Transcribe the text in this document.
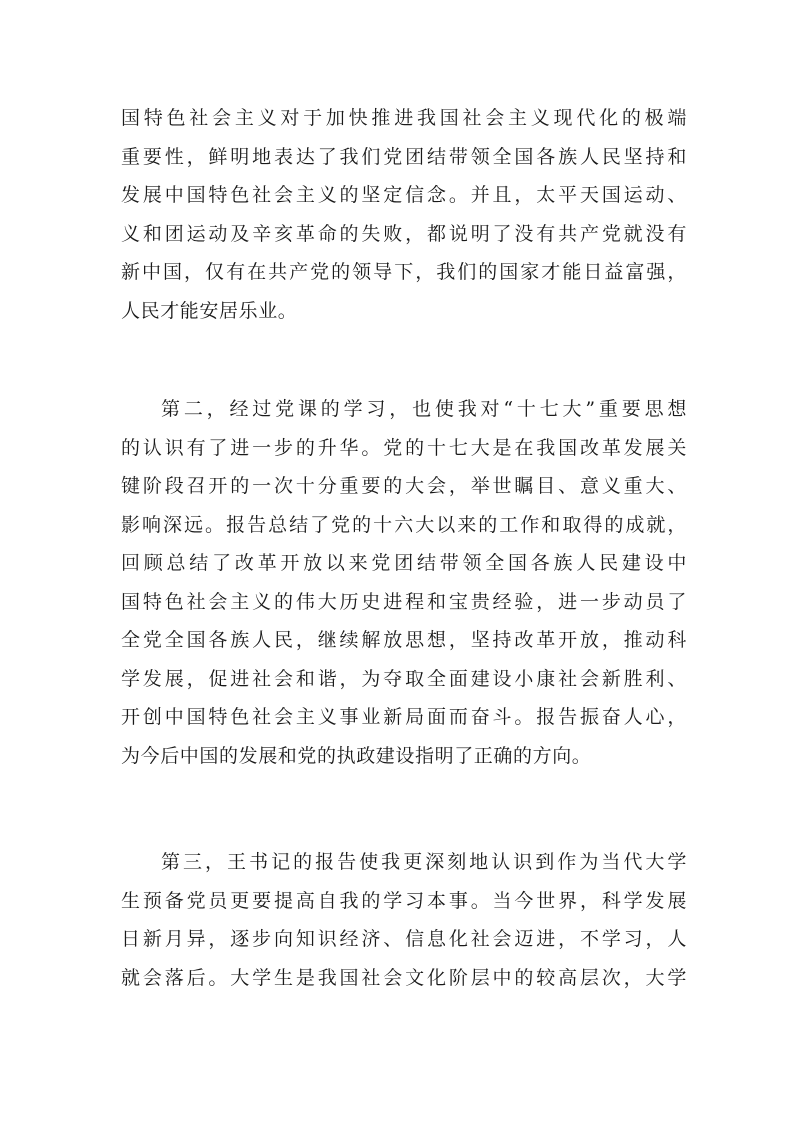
国特色社会主义对于加快推进我国社会主义现代化的极端
重要性，鲜明地表达了我们党团结带领全国各族人民坚持和
发展中国特色社会主义的坚定信念。并且，太平天国运动、
义和团运动及辛亥革命的失败，都说明了没有共产党就没有
新中国，仅有在共产党的领导下，我们的国家才能日益富强，
人民才能安居乐业。
第二，经过党课的学习，也使我对“十七大”重要思想
的认识有了进一步的升华。党的十七大是在我国改革发展关
键阶段召开的一次十分重要的大会，举世瞩目、意义重大、
影响深远。报告总结了党的十六大以来的工作和取得的成就，
回顾总结了改革开放以来党团结带领全国各族人民建设中
国特色社会主义的伟大历史进程和宝贵经验，进一步动员了
全党全国各族人民，继续解放思想，坚持改革开放，推动科
学发展，促进社会和谐，为夺取全面建设小康社会新胜利、
开创中国特色社会主义事业新局面而奋斗。报告振奋人心，
为今后中国的发展和党的执政建设指明了正确的方向。
第三，王书记的报告使我更深刻地认识到作为当代大学
生预备党员更要提高自我的学习本事。当今世界，科学发展
日新月异，逐步向知识经济、信息化社会迈进，不学习，人
就会落后。大学生是我国社会文化阶层中的较高层次，大学
